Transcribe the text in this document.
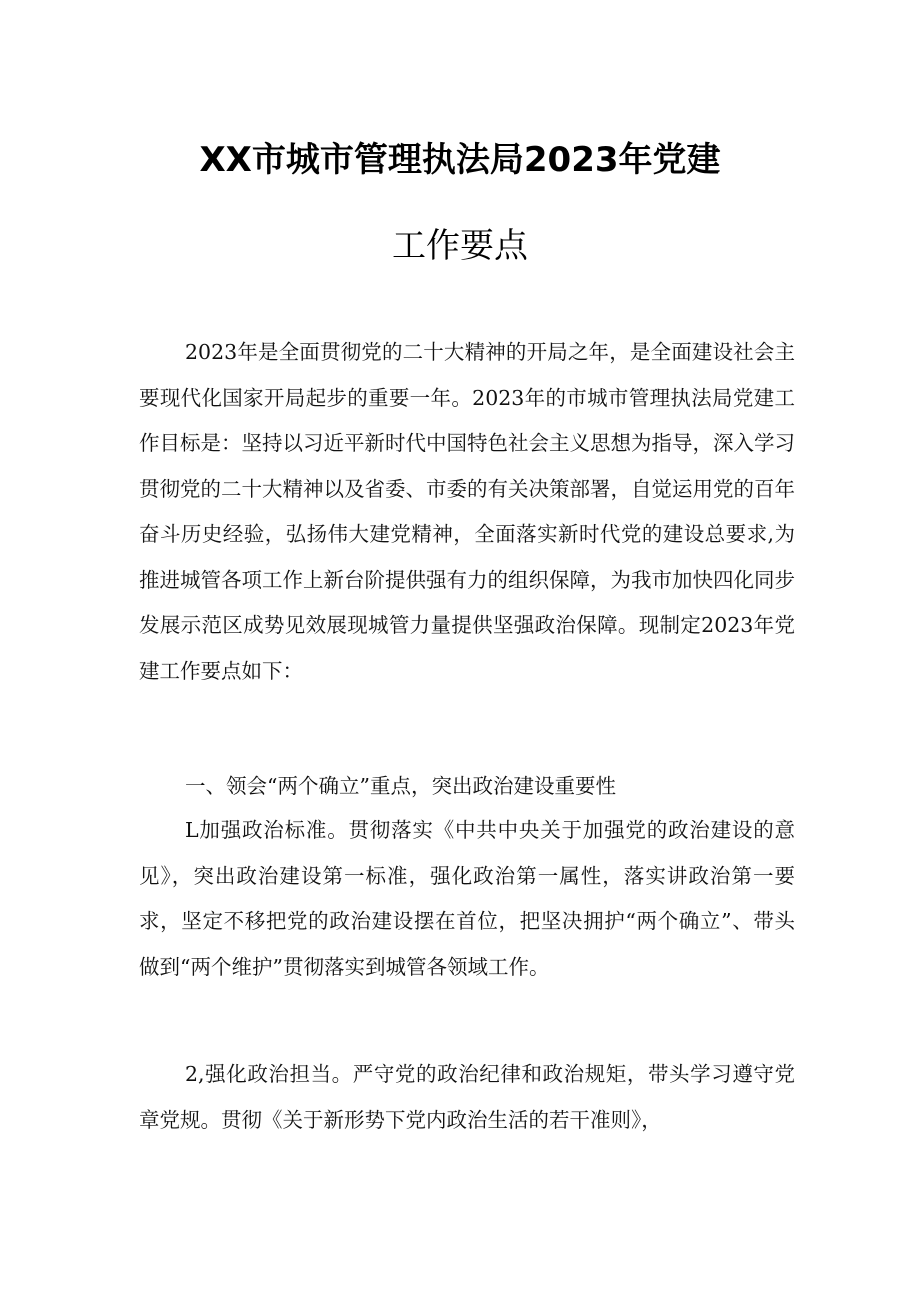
XX市城市管理执法局2023年党建
工作要点

2023年是全面贯彻党的二十大精神的开局之年，是全面建设社会主要现代化国家开局起步的重要一年。2023年的市城市管理执法局党建工作目标是：坚持以习近平新时代中国特色社会主义思想为指导，深入学习贯彻党的二十大精神以及省委、市委的有关决策部署，自觉运用党的百年奋斗历史经验，弘扬伟大建党精神，全面落实新时代党的建设总要求,为推进城管各项工作上新台阶提供强有力的组织保障，为我市加快四化同步发展示范区成势见效展现城管力量提供坚强政治保障。现制定2023年党建工作要点如下：

一、领会“两个确立”重点，突出政治建设重要性

L加强政治标准。贯彻落实《中共中央关于加强党的政治建设的意见》，突出政治建设第一标准，强化政治第一属性，落实讲政治第一要求，坚定不移把党的政治建设摆在首位，把坚决拥护“两个确立”、带头做到“两个维护”贯彻落实到城管各领域工作。

2,强化政治担当。严守党的政治纪律和政治规矩，带头学习遵守党章党规。贯彻《关于新形势下党内政治生活的若干准则》，
